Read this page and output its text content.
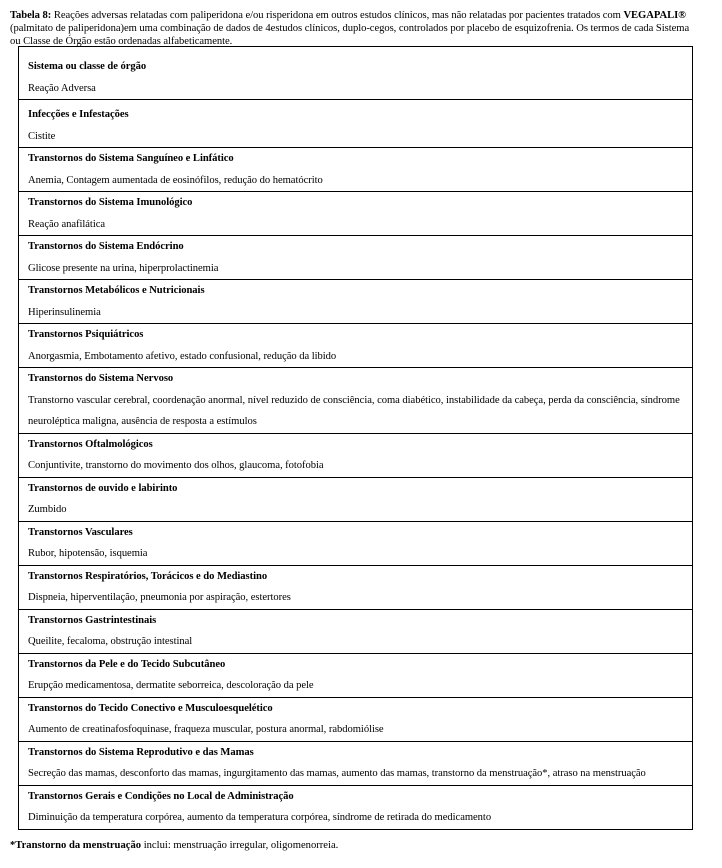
Tabela 8: Reações adversas relatadas com paliperidona e/ou risperidona em outros estudos clínicos, mas não relatadas por pacientes tratados com VEGAPALI® (palmitato de paliperidona)em uma combinação de dados de 4estudos clínicos, duplo-cegos, controlados por placebo de esquizofrenia. Os termos de cada Sistema ou Classe de Órgão estão ordenadas alfabeticamente.
Sistema ou classe de órgão
Reação Adversa

Infecções e Infestações
Cistite

Transtornos do Sistema Sanguíneo e Linfático
Anemia, Contagem aumentada de eosinófilos, redução do hematócrito

Transtornos do Sistema Imunológico
Reação anafilática

Transtornos do Sistema Endócrino
Glicose presente na urina, hiperprolactinemia

Transtornos Metabólicos e Nutricionais
Hiperinsulinemia

Transtornos Psiquiátricos
Anorgasmia, Embotamento afetivo, estado confusional, redução da libido

Transtornos do Sistema Nervoso
Transtorno vascular cerebral, coordenação anormal, nível reduzido de consciência, coma diabético, instabilidade da cabeça, perda da consciência, síndrome neuroléptica maligna, ausência de resposta a estímulos

Transtornos Oftalmológicos
Conjuntivite, transtorno do movimento dos olhos, glaucoma, fotofobia

Transtornos de ouvido e labirinto
Zumbido

Transtornos Vasculares
Rubor, hipotensão, isquemia

Transtornos Respiratórios, Torácicos e do Mediastino
Dispneia, hiperventilação, pneumonia por aspiração, estertores

Transtornos Gastrintestinais
Queilite, fecaloma, obstrução intestinal

Transtornos da Pele e do Tecido Subcutâneo
Erupção medicamentosa, dermatite seborreica, descoloração da pele

Transtornos do Tecido Conectivo e Musculoesquelético
Aumento de creatinafosfoquinase, fraqueza muscular, postura anormal, rabdomiólise

Transtornos do Sistema Reprodutivo e das Mamas
Secreção das mamas, desconforto das mamas, ingurgitamento das mamas, aumento das mamas, transtorno da menstruação*, atraso na menstruação

Transtornos Gerais e Condições no Local de Administração
Diminuição da temperatura corpórea, aumento da temperatura corpórea, síndrome de retirada do medicamento
*Transtorno da menstruação inclui: menstruação irregular, oligomenorreia.
